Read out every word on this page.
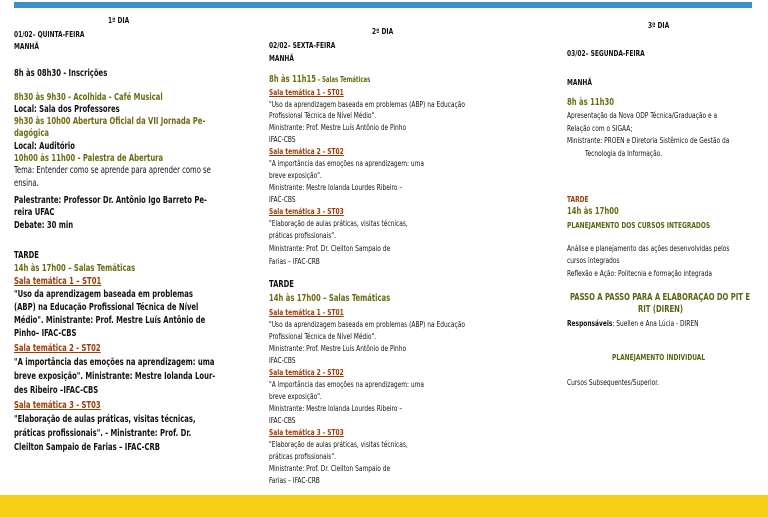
1º DIA
01/02– QUINTA-FEIRA
MANHÃ
8h às 08h30 - Inscrições
8h30 às 9h30 - Acolhida - Café Musical
Local: Sala dos Professores
9h30 às 10h00 Abertura Oficial da VII Jornada Pe-
dagógica
Local: Auditório
10h00 às 11h00 - Palestra de Abertura
Tema: Entender como se aprende para aprender como se
ensina.
Palestrante: Professor Dr. Antônio Igo Barreto Pe-
reira UFAC
Debate: 30 min
TARDE
14h às 17h00 – Salas Temáticas
Sala temática 1 – ST01
"Uso da aprendizagem baseada em problemas
(ABP) na Educação Profissional Técnica de Nível
Médio". Ministrante: Prof. Mestre Luís Antônio de
Pinho– IFAC-CBS
Sala temática 2 - ST02
"A importância das emoções na aprendizagem: uma
breve exposição". Ministrante: Mestre Iolanda Lour-
des Ribeiro –IFAC-CBS
Sala temática 3 - ST03
"Elaboração de aulas práticas, visitas técnicas,
práticas profissionais". - Ministrante: Prof. Dr.
Cleilton Sampaio de Farias – IFAC-CRB
2º DIA
02/02– SEXTA-FEIRA
MANHÃ
8h às 11h15 - Salas Temáticas
Sala temática 1 - ST01
"Uso da aprendizagem baseada em problemas (ABP) na Educação
Profissional Técnica de Nível Médio".
Ministrante: Prof. Mestre Luís Antônio de Pinho
IFAC-CBS
Sala temática 2 - ST02
"A importância das emoções na aprendizagem: uma
breve exposição".
Ministrante: Mestre Iolanda Lourdes Ribeiro –
IFAC-CBS
Sala temática 3 - ST03
"Elaboração de aulas práticas, visitas técnicas,
práticas profissionais".
Ministrante: Prof. Dr. Cleilton Sampaio de
Farias – IFAC-CRB
TARDE
14h às 17h00 – Salas Temáticas
Sala temática 1 - ST01
"Uso da aprendizagem baseada em problemas (ABP) na Educação
Profissional Técnica de Nível Médio".
Ministrante: Prof. Mestre Luís Antônio de Pinho
IFAC-CBS
Sala temática 2 - ST02
"A importância das emoções na aprendizagem: uma
breve exposição".
Ministrante: Mestre Iolanda Lourdes Ribeiro –
IFAC-CBS
Sala temática 3 - ST03
"Elaboração de aulas práticas, visitas técnicas,
práticas profissionais".
Ministrante: Prof. Dr. Cleilton Sampaio de
Farias – IFAC-CRB
3º DIA
03/02– SEGUNDA-FEIRA
MANHÃ
8h às 11h30
Apresentação da Nova ODP Técnica/Graduação e a
Relação com o SIGAA;
Ministrante: PROEN e Diretoria Sistêmico de Gestão da
Tecnologia da Informação.
TARDE
14h às 17h00
PLANEJAMENTO DOS CURSOS INTEGRADOS
Análise e planejamento das ações desenvolvidas pelos
cursos integrados
Reflexão e Ação: Politecnia e formação integrada
PASSO A PASSO PARA A ELABORAÇÃO DO PIT E
RIT (DIREN)
Responsáveis: Suellen e Ana Lúcia - DIREN
PLANEJAMENTO INDIVIDUAL
Cursos Subsequentes/Superior.
